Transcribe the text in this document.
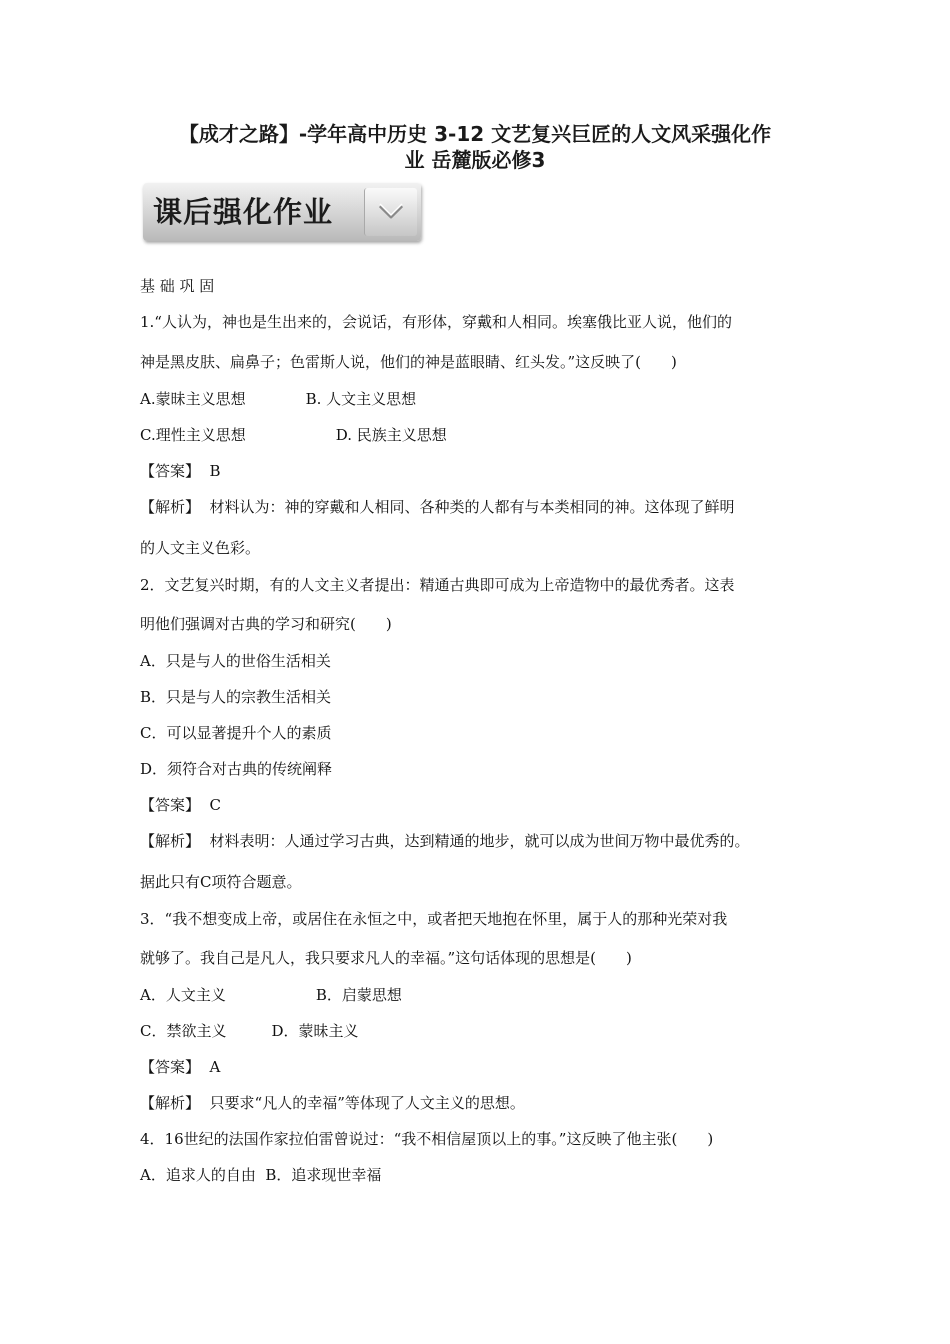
【成才之路】-学年高中历史 3-12 文艺复兴巨匠的人文风采强化作
业 岳麓版必修3
课后强化作业
基 础 巩 固
1.“人认为，神也是生出来的，会说话，有形体，穿戴和人相同。埃塞俄比亚人说，他们的
神是黑皮肤、扁鼻子；色雷斯人说，他们的神是蓝眼睛、红头发。”这反映了(　　)
A.蒙昧主义思想　　　　B. 人文主义思想
C.理性主义思想　　　　　　D. 民族主义思想
【答案】  B
【解析】  材料认为：神的穿戴和人相同、各种类的人都有与本类相同的神。这体现了鲜明
的人文主义色彩。
2．文艺复兴时期，有的人文主义者提出：精通古典即可成为上帝造物中的最优秀者。这表
明他们强调对古典的学习和研究(　　)
A．只是与人的世俗生活相关
B．只是与人的宗教生活相关
C．可以显著提升个人的素质
D．须符合对古典的传统阐释
【答案】  C
【解析】  材料表明：人通过学习古典，达到精通的地步，就可以成为世间万物中最优秀的。
据此只有C项符合题意。
3．“我不想变成上帝，或居住在永恒之中，或者把天地抱在怀里，属于人的那种光荣对我
就够了。我自己是凡人，我只要求凡人的幸福。”这句话体现的思想是(　　)
A．人文主义　　　　　　B．启蒙思想
C．禁欲主义　　　D．蒙昧主义
【答案】  A
【解析】  只要求“凡人的幸福”等体现了人文主义的思想。
4．16世纪的法国作家拉伯雷曾说过：“我不相信屋顶以上的事。”这反映了他主张(　　)
A．追求人的自由  B．追求现世幸福
